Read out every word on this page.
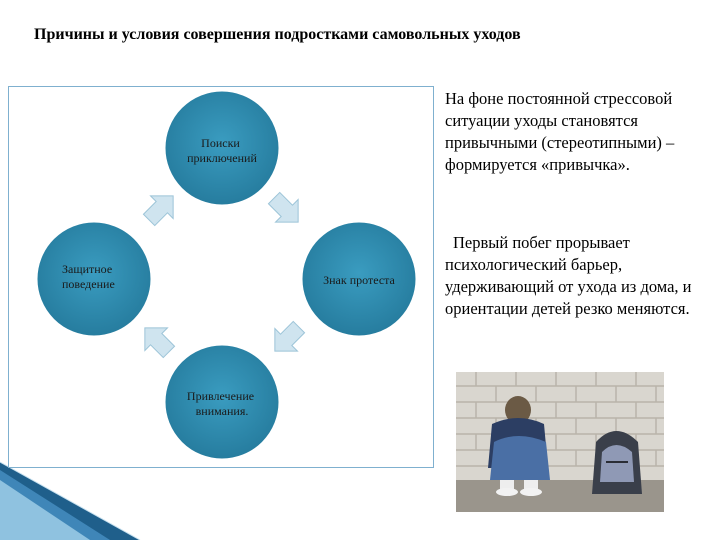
Причины и условия совершения подростками самовольных уходов
Поиски приключений
Знак протеста
Привлечение внимания.
Защитное поведение
На фоне постоянной стрессовой ситуации уходы становятся привычными (стереотипными) – формируется «привычка».
Первый побег прорывает психологический барьер, удерживающий от ухода из дома, и ориентации детей резко меняются.
